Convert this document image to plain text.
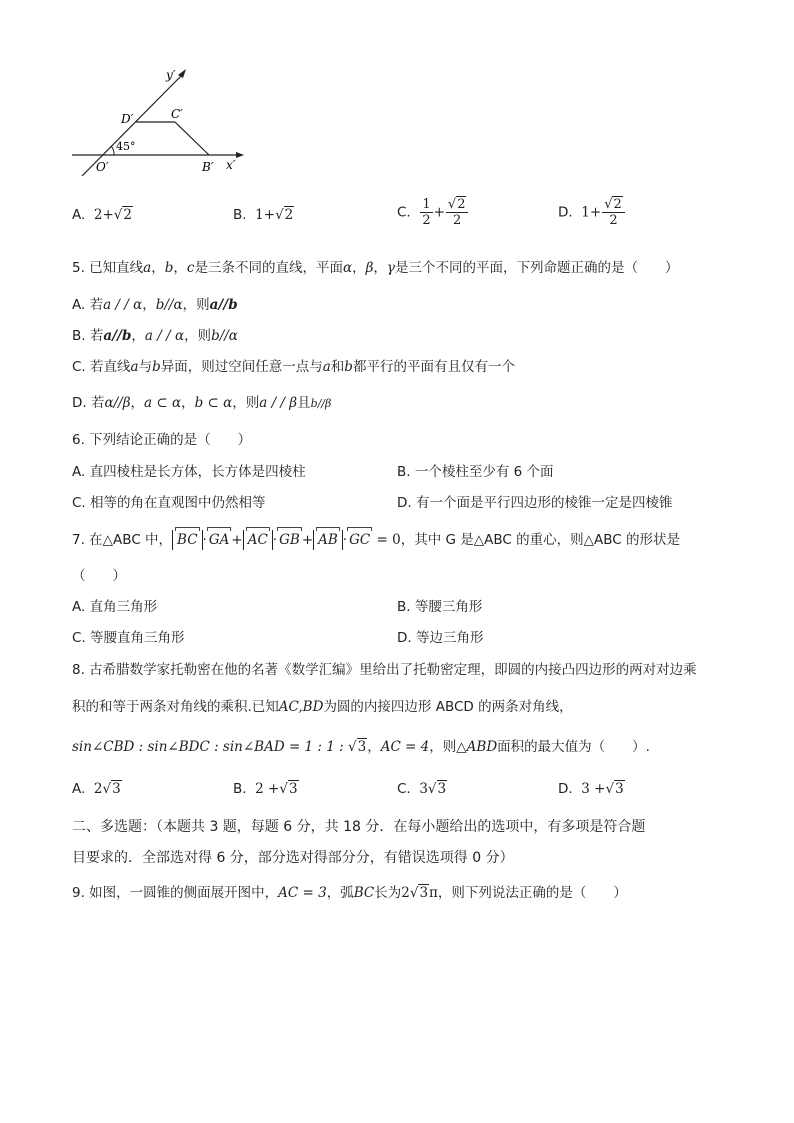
y′
x′
O′	B′
C′
D′
45°
A. 2+√2	B. 1+√2	C. $\frac{1}{2} + \frac{√2}{2}$	D. $1+ \frac{√2}{2}$
5. 已知直线a，b，c是三条不同的直线，平面α，β，γ是三个不同的平面，下列命题正确的是（　　）
A. 若a / / α，b//α，则a//b
B. 若a//b，a / / α，则b//α
C. 若直线a与b异面，则过空间任意一点与a和b都平行的平面有且仅有一个
D. 若α//β，a ⊂ α，b ⊂ α，则a / / β且b//β
6. 下列结论正确的是（　　）
A. 直四棱柱是长方体，长方体是四棱柱	B. 一个棱柱至少有 6 个面
C. 相等的角在直观图中仍然相等	D. 有一个面是平行四边形的棱锥一定是四棱锥
7. 在△ABC 中， BC · GA + AC · GB + AB · GC = 0，其中 G 是△ABC 的重心，则△ABC 的形状是
（　　）
A. 直角三角形	B. 等腰三角形
C. 等腰直角三角形	D. 等边三角形
8. 古希腊数学家托勒密在他的名著《数学汇编》里给出了托勒密定理，即圆的内接凸四边形的两对对边乘
积的和等于两条对角线的乘积.已知AC,BD为圆的内接四边形 ABCD 的两条对角线，
sin∠CBD : sin∠BDC : sin∠BAD = 1 : 1 : √3，AC = 4，则△ABD面积的最大值为（　　）.
A. 2√3	B. 2 +√3	C. 3√3	D. 3 +√3
二、多选题：（本题共 3 题，每题 6 分，共 18 分．在每小题给出的选项中，有多项是符合题
目要求的．全部选对得 6 分，部分选对得部分分，有错误选项得 0 分）
9. 如图，一圆锥的侧面展开图中，AC = 3，弧BC长为2√3π，则下列说法正确的是（　　）
